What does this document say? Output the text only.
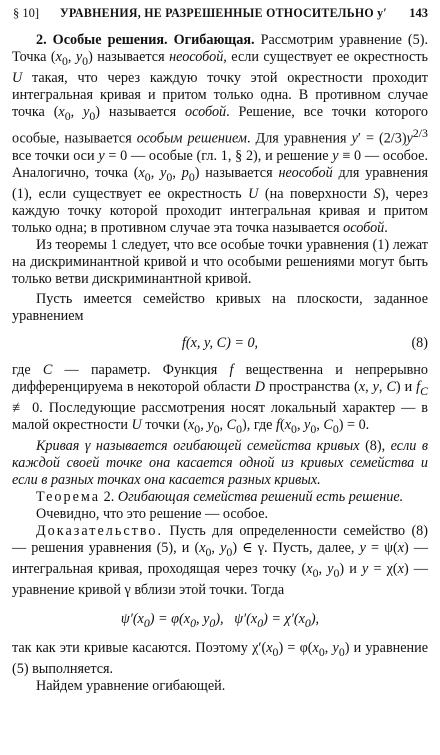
§ 10] УРАВНЕНИЯ, НЕ РАЗРЕШЕННЫЕ ОТНОСИТЕЛЬНО y′ 143

2. Особые решения. Огибающая. Рассмотрим уравнение (5). Точка ($x_0$, $y_0$) называется неособой, если существует ее окрестность U такая, что через каждую точку этой окрестности проходит интегральная кривая и притом только одна. В противном случае точка ($x_0$, $y_0$) называется особой. Решение, все точки которого особые, называется особым решением. Для уравнения $y' = (2/3)y^{2/3}$ все точки оси y = 0 — особые (гл. 1, § 2), и решение y ≡ 0 — особое. Аналогично, точка ($x_0$, $y_0$, $p_0$) называется неособой для уравнения (1), если существует ее окрестность U (на поверхности S), через каждую точку которой проходит интегральная кривая и притом только одна; в противном случае эта точка называется особой.

Из теоремы 1 следует, что все особые точки уравнения (1) лежат на дискриминантной кривой и что особыми решениями могут быть только ветви дискриминантной кривой.

Пусть имеется семейство кривых на плоскости, заданное уравнением

f(x, y, C) = 0,	(8)

где C — параметр. Функция f вещественна и непрерывно дифференцируема в некоторой области D пространства (x, y, C) и $f_C$ ≢ 0. Последующие рассмотрения носят локальный характер — в малой окрестности U точки ($x_0$, $y_0$, $C_0$), где $f(x_0$, $y_0$, $C_0) = 0$.

Кривая γ называется огибающей семейства кривых (8), если в каждой своей точке она касается одной из кривых семейства и если в разных точках она касается разных кривых.

Теорема 2. Огибающая семейства решений есть решение.

Очевидно, что это решение — особое.

Доказательство. Пусть для определенности семейство (8) — решения уравнения (5), и ($x_0$, $y_0$) ∈ γ. Пусть, далее, y = ψ(x) — интегральная кривая, проходящая через точку ($x_0$, $y_0$) и y = χ(x) — уравнение кривой γ вблизи этой точки. Тогда

$\psi'(x_0) = \varphi(x_0$, $y_0$),   $\psi'(x_0) = \chi'(x_0)$,

так как эти кривые касаются. Поэтому $\chi'(x_0) = \varphi(x_0$, $y_0$) и уравнение (5) выполняется.

Найдем уравнение огибающей.
